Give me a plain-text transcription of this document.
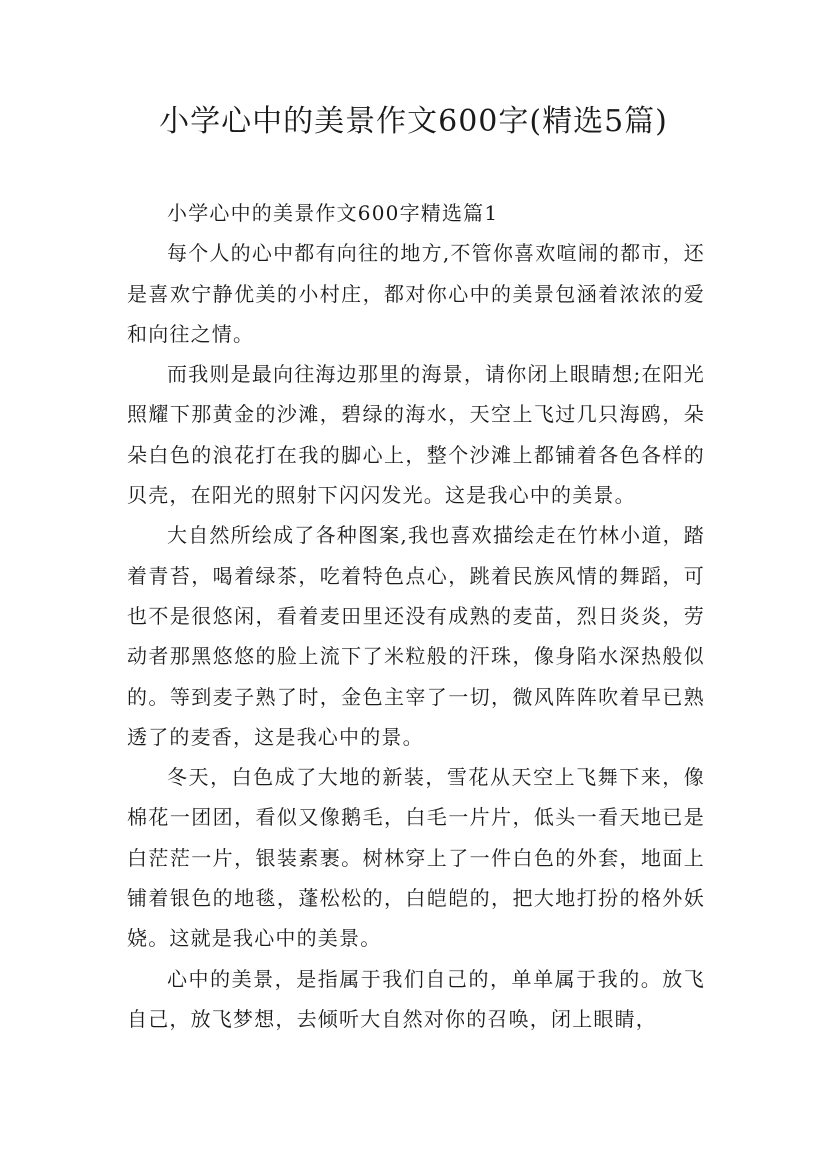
小学心中的美景作文600字(精选5篇)

小学心中的美景作文600字精选篇1

每个人的心中都有向往的地方,不管你喜欢喧闹的都市，还是喜欢宁静优美的小村庄，都对你心中的美景包涵着浓浓的爱和向往之情。

而我则是最向往海边那里的海景，请你闭上眼睛想;在阳光照耀下那黄金的沙滩，碧绿的海水，天空上飞过几只海鸥，朵朵白色的浪花打在我的脚心上，整个沙滩上都铺着各色各样的贝壳，在阳光的照射下闪闪发光。这是我心中的美景。

大自然所绘成了各种图案,我也喜欢描绘走在竹林小道，踏着青苔，喝着绿茶，吃着特色点心，跳着民族风情的舞蹈，可也不是很悠闲，看着麦田里还没有成熟的麦苗，烈日炎炎，劳动者那黑悠悠的脸上流下了米粒般的汗珠，像身陷水深热般似的。等到麦子熟了时，金色主宰了一切，微风阵阵吹着早已熟透了的麦香，这是我心中的景。

冬天，白色成了大地的新装，雪花从天空上飞舞下来，像棉花一团团，看似又像鹅毛，白毛一片片，低头一看天地已是白茫茫一片，银装素裹。树林穿上了一件白色的外套，地面上铺着银色的地毯，蓬松松的，白皑皑的，把大地打扮的格外妖娆。这就是我心中的美景。

心中的美景，是指属于我们自己的，单单属于我的。放飞自己，放飞梦想，去倾听大自然对你的召唤，闭上眼睛，
